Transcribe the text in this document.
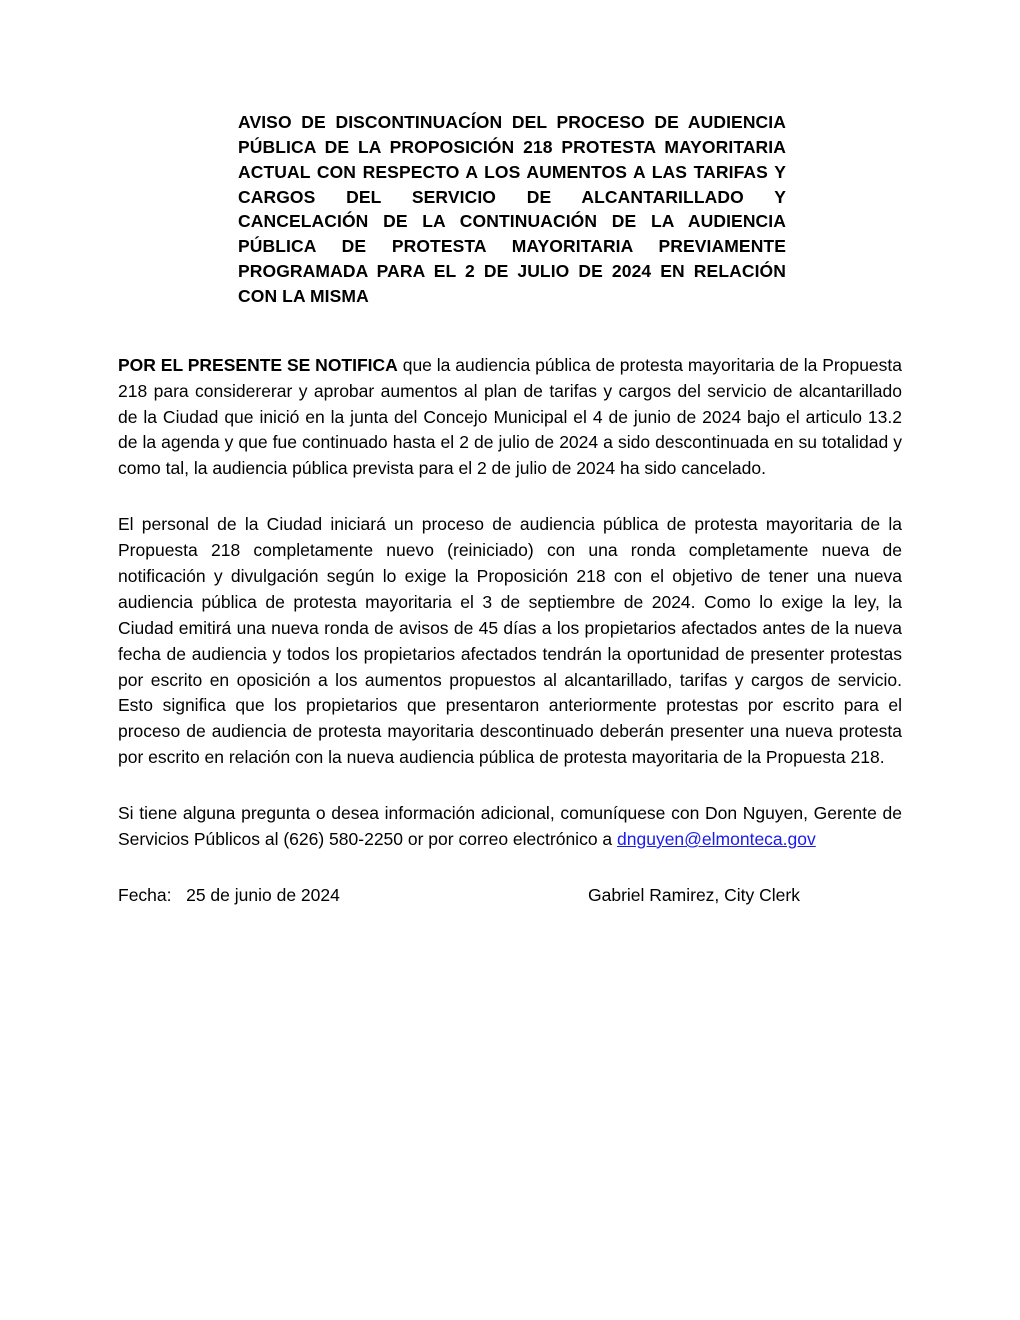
AVISO DE DISCONTINUACÍON DEL PROCESO DE AUDIENCIA PÚBLICA DE LA PROPOSICIÓN 218 PROTESTA MAYORITARIA ACTUAL CON RESPECTO A LOS AUMENTOS A LAS TARIFAS Y CARGOS DEL SERVICIO DE ALCANTARILLADO Y CANCELACIÓN DE LA CONTINUACIÓN DE LA AUDIENCIA PÚBLICA DE PROTESTA MAYORITARIA PREVIAMENTE PROGRAMADA PARA EL 2 DE JULIO DE 2024 EN RELACIÓN CON LA MISMA

POR EL PRESENTE SE NOTIFICA que la audiencia pública de protesta mayoritaria de la Propuesta 218 para considererar y aprobar aumentos al plan de tarifas y cargos del servicio de alcantarillado de la Ciudad que inició en la junta del Concejo Municipal el 4 de junio de 2024 bajo el articulo 13.2 de la agenda y que fue continuado hasta el 2 de julio de 2024 a sido descontinuada en su totalidad y como tal, la audiencia pública prevista para el 2 de julio de 2024 ha sido cancelado.

El personal de la Ciudad iniciará un proceso de audiencia pública de protesta mayoritaria de la Propuesta 218 completamente nuevo (reiniciado) con una ronda completamente nueva de notificación y divulgación según lo exige la Proposición 218 con el objetivo de tener una nueva audiencia pública de protesta mayoritaria el 3 de septiembre de 2024. Como lo exige la ley, la Ciudad emitirá una nueva ronda de avisos de 45 días a los propietarios afectados antes de la nueva fecha de audiencia y todos los propietarios afectados tendrán la oportunidad de presenter protestas por escrito en oposición a los aumentos propuestos al alcantarillado, tarifas y cargos de servicio. Esto significa que los propietarios que presentaron anteriormente protestas por escrito para el proceso de audiencia de protesta mayoritaria descontinuado deberán presenter una nueva protesta por escrito en relación con la nueva audiencia pública de protesta mayoritaria de la Propuesta 218.

Si tiene alguna pregunta o desea información adicional, comuníquese con Don Nguyen, Gerente de Servicios Públicos al (626) 580-2250 or por correo electrónico a dnguyen@elmonteca.gov

Fecha: 25 de junio de 2024	Gabriel Ramirez, City Clerk
